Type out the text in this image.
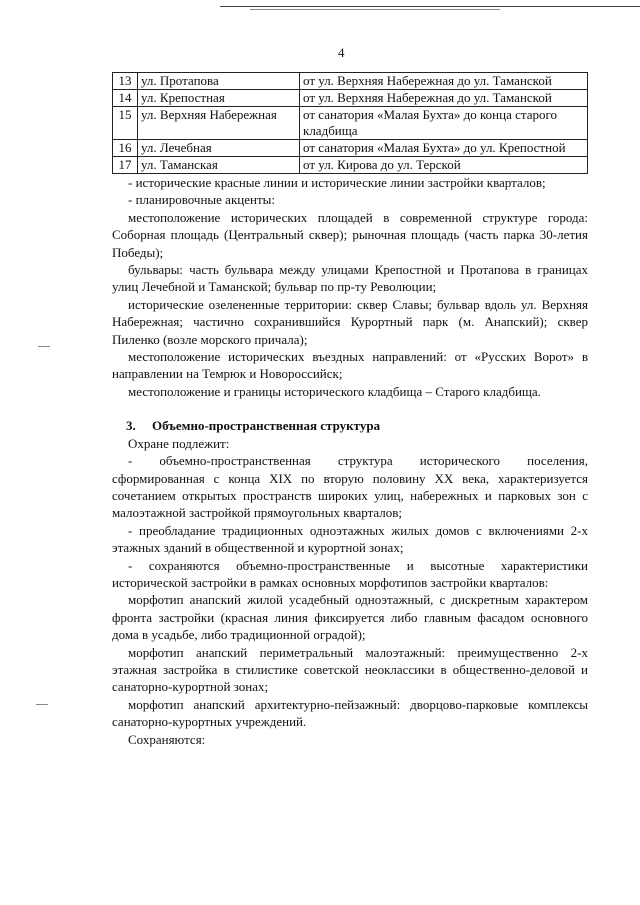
4
—
—
13	ул. Протапова	от ул. Верхняя Набережная до ул. Таманской
14	ул. Крепостная	от ул. Верхняя Набережная до ул. Таманской
15	ул. Верхняя Набережная	от санатория «Малая Бухта» до конца старого кладбища
16	ул. Лечебная	от санатория «Малая Бухта» до ул. Крепостной
17	ул. Таманская	от ул. Кирова до ул. Терской

- исторические красные линии и исторические линии застройки кварталов;

- планировочные акценты:

местоположение исторических площадей в современной структуре города: Соборная площадь (Центральный сквер); рыночная площадь (часть парка 30-летия Победы);

бульвары: часть бульвара между улицами Крепостной и Протапова в границах улиц Лечебной и Таманской; бульвар по пр-ту Революции;

исторические озелененные территории: сквер Славы; бульвар вдоль ул. Верхняя Набережная; частично сохранившийся Курортный парк (м. Анапский); сквер Пиленко (возле морского причала);

местоположение исторических въездных направлений: от «Русских Ворот» в направлении на Темрюк и Новороссийск;

местоположение и границы исторического кладбища – Старого кладбища.

3. Объемно-пространственная структура

Охране подлежит:

- объемно-пространственная структура исторического поселения, сформированная с конца XIX по вторую половину XX века, характеризуется сочетанием открытых пространств широких улиц, набережных и парковых зон с малоэтажной застройкой прямоугольных кварталов;

- преобладание традиционных одноэтажных жилых домов с включениями 2-х этажных зданий в общественной и курортной зонах;

- сохраняются объемно-пространственные и высотные характеристики исторической застройки в рамках основных морфотипов застройки кварталов:

морфотип анапский жилой усадебный одноэтажный, с дискретным характером фронта застройки (красная линия фиксируется либо главным фасадом основного дома в усадьбе, либо традиционной оградой);

морфотип анапский периметральный малоэтажный: преимущественно 2-х этажная застройка в стилистике советской неоклассики в общественно-деловой и санаторно-курортной зонах;

морфотип анапский архитектурно-пейзажный: дворцово-парковые комплексы санаторно-курортных учреждений.

Сохраняются:
